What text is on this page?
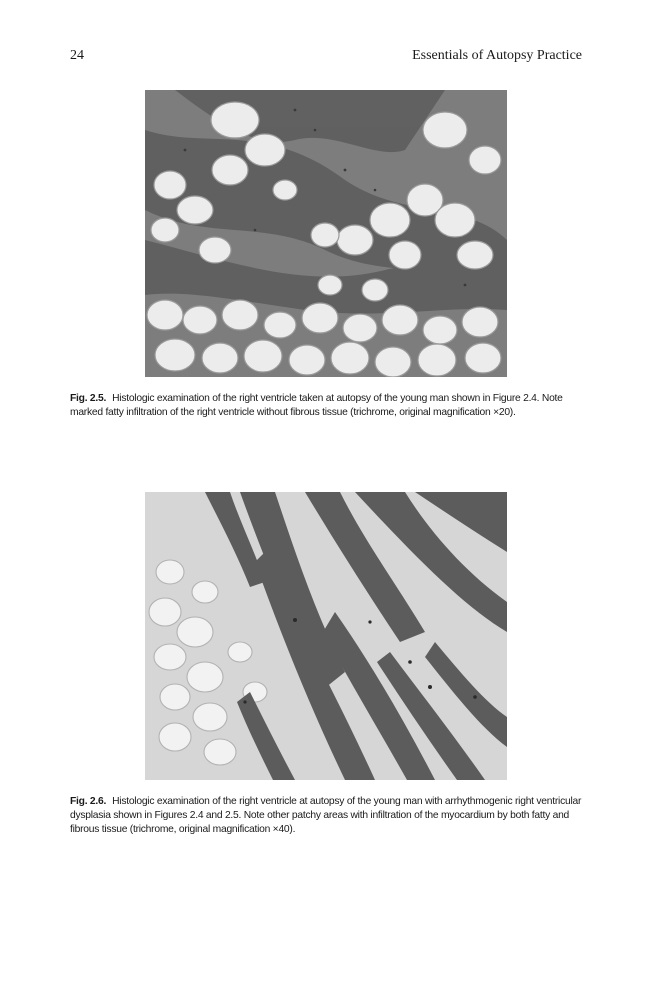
24	Essentials of Autopsy Practice
Fig. 2.5. Histologic examination of the right ventricle taken at autopsy of the young man shown in Figure 2.4. Note marked fatty infiltration of the right ventricle without fibrous tissue (trichrome, original magnification ×20).
Fig. 2.6. Histologic examination of the right ventricle at autopsy of the young man with arrhythmogenic right ventricular dysplasia shown in Figures 2.4 and 2.5. Note other patchy areas with infiltration of the myocardium by both fatty and fibrous tissue (trichrome, original magnification ×40).
